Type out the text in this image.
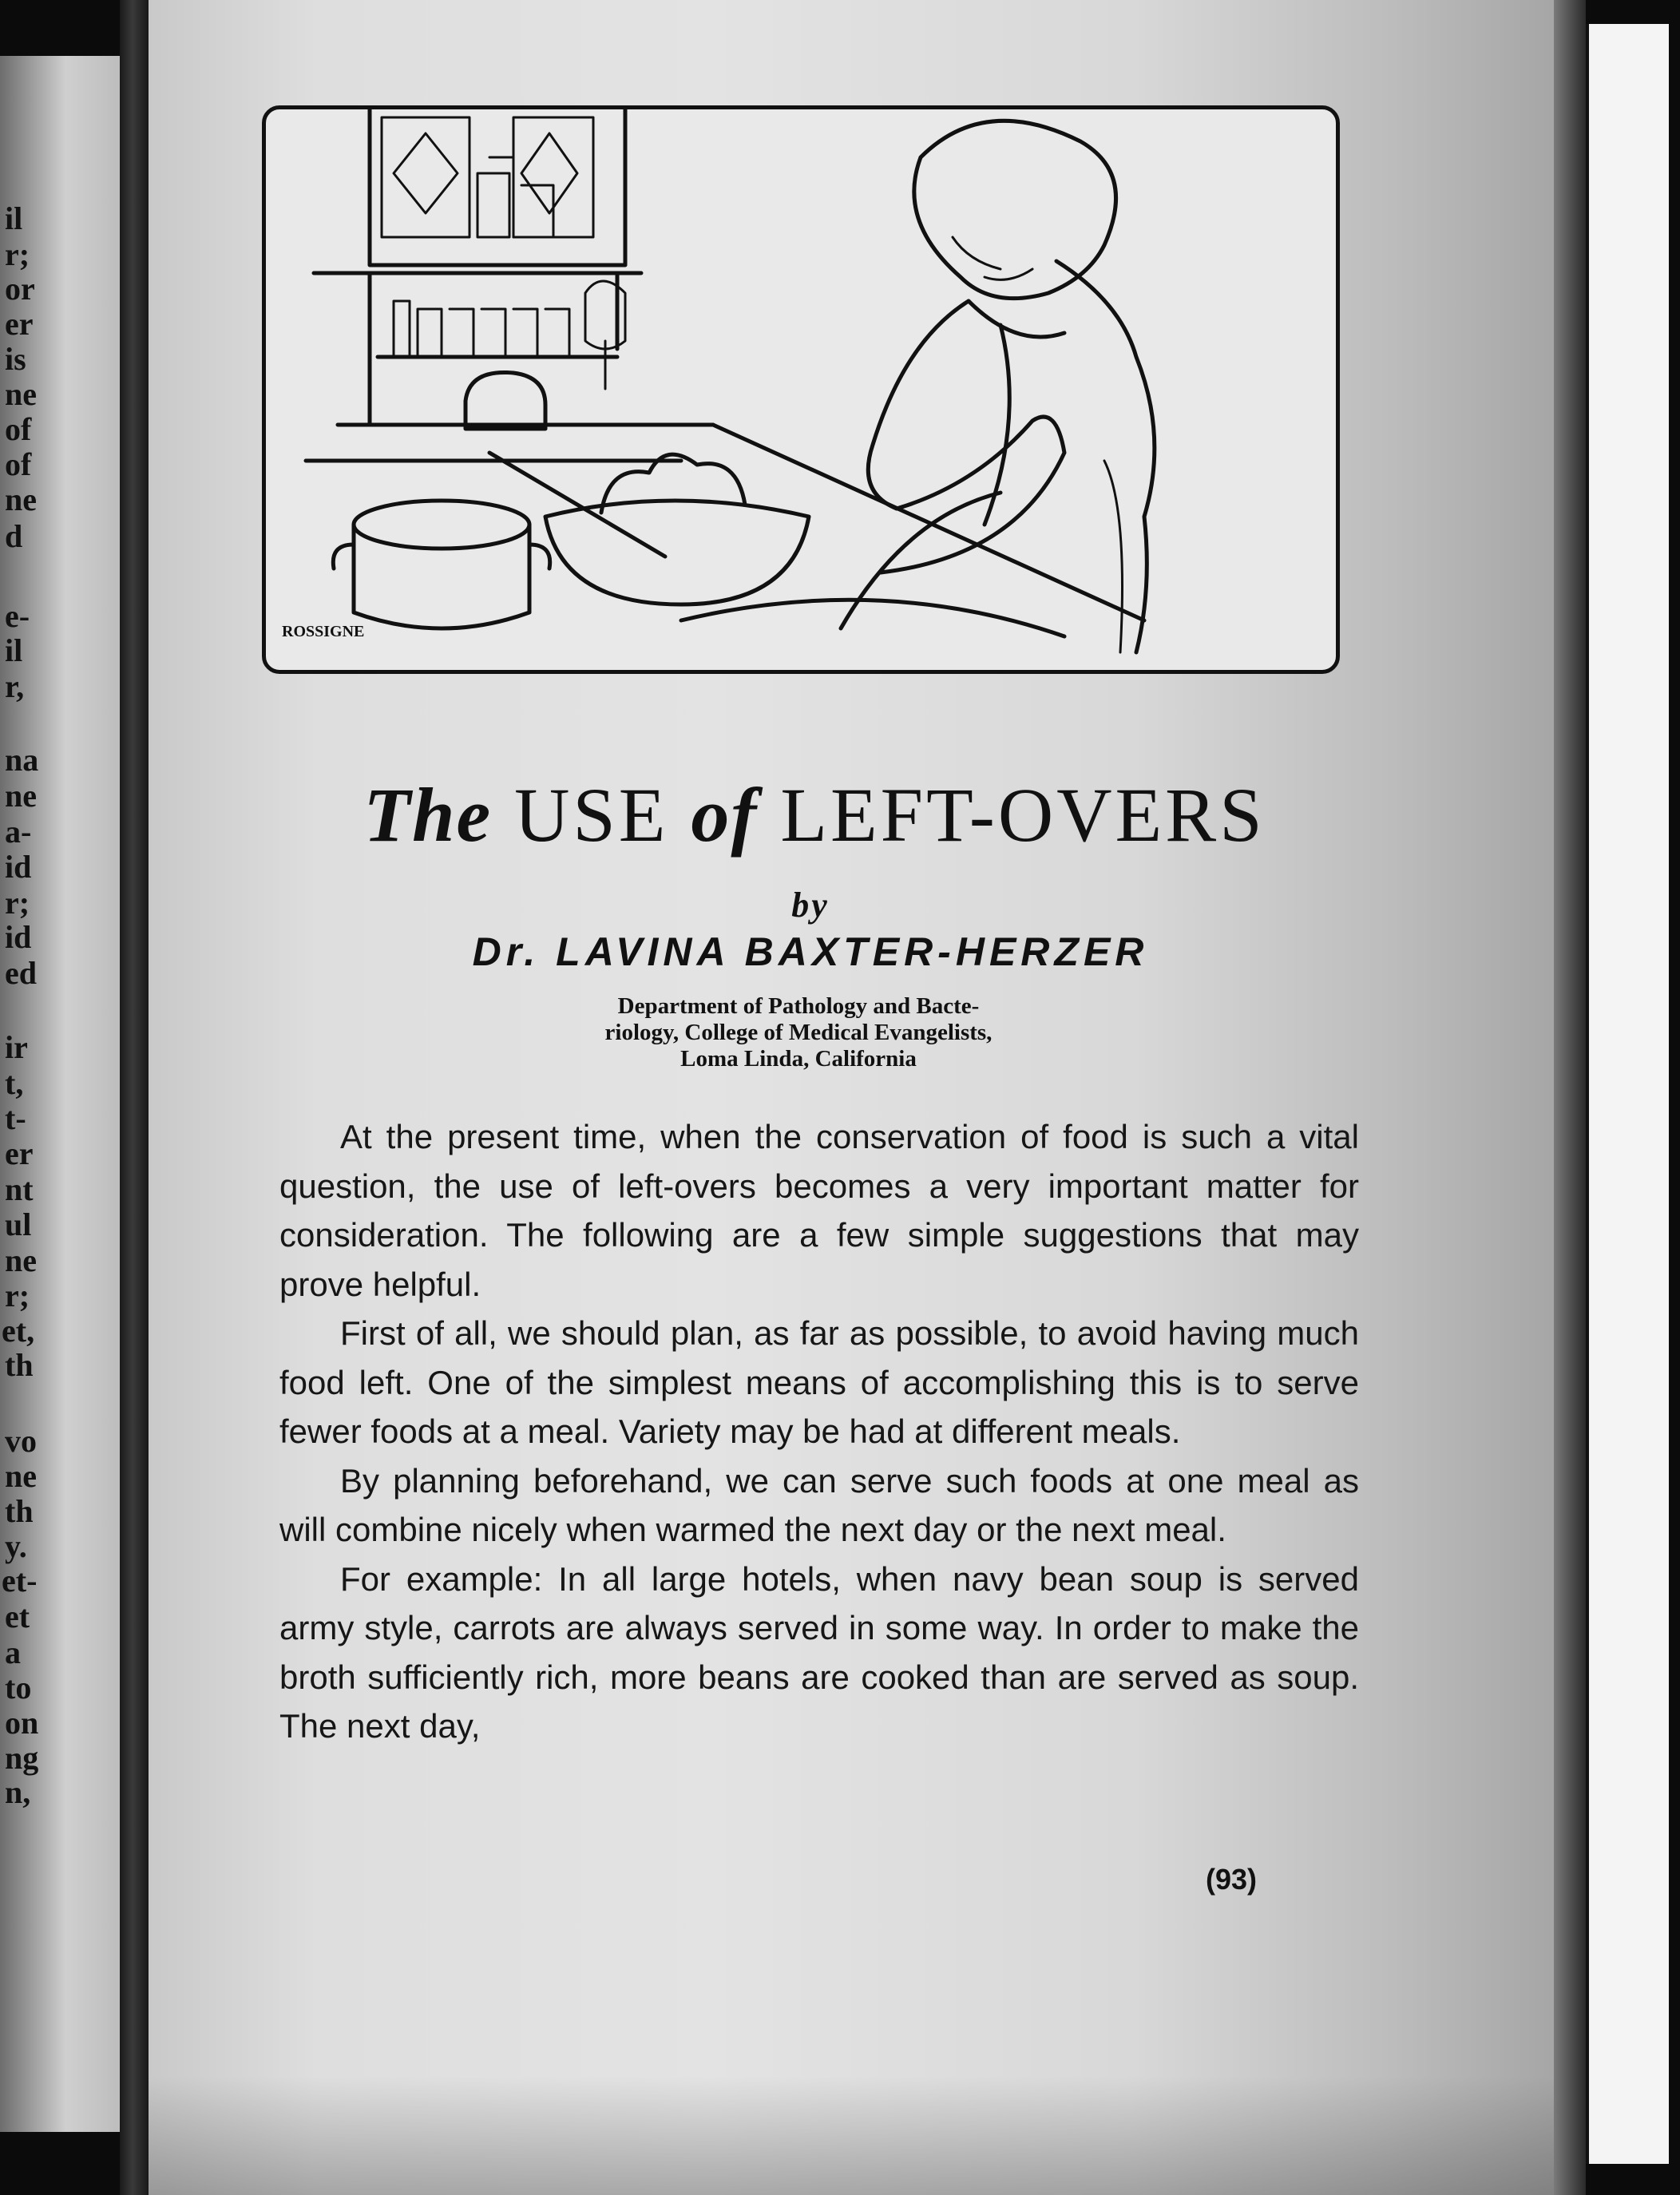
il
r;
or
er
is
ne
of
of
ne
d
e-
il
r,
na
ne
a-
id
r;
id
ed
ir
t,
t-
er
nt
ul
ne
r;
et,
th
vo
ne
th
y.
et-
et
a
to
on
ng
n,
ROSSIGNE
The USE of LEFT-OVERS
by
Dr. LAVINA BAXTER-HERZER
Department of Pathology and Bacte-
riology, College of Medical Evangelists,
Loma Linda, California

At the present time, when the conservation of food is such a vital question, the use of left-overs becomes a very important matter for consideration. The following are a few simple suggestions that may prove helpful.

First of all, we should plan, as far as possible, to avoid having much food left. One of the simplest means of accomplishing this is to serve fewer foods at a meal. Variety may be had at different meals.

By planning beforehand, we can serve such foods at one meal as will combine nicely when warmed the next day or the next meal.

For example: In all large hotels, when navy bean soup is served army style, carrots are always served in some way. In order to make the broth sufficiently rich, more beans are cooked than are served as soup. The next day,

(93)
